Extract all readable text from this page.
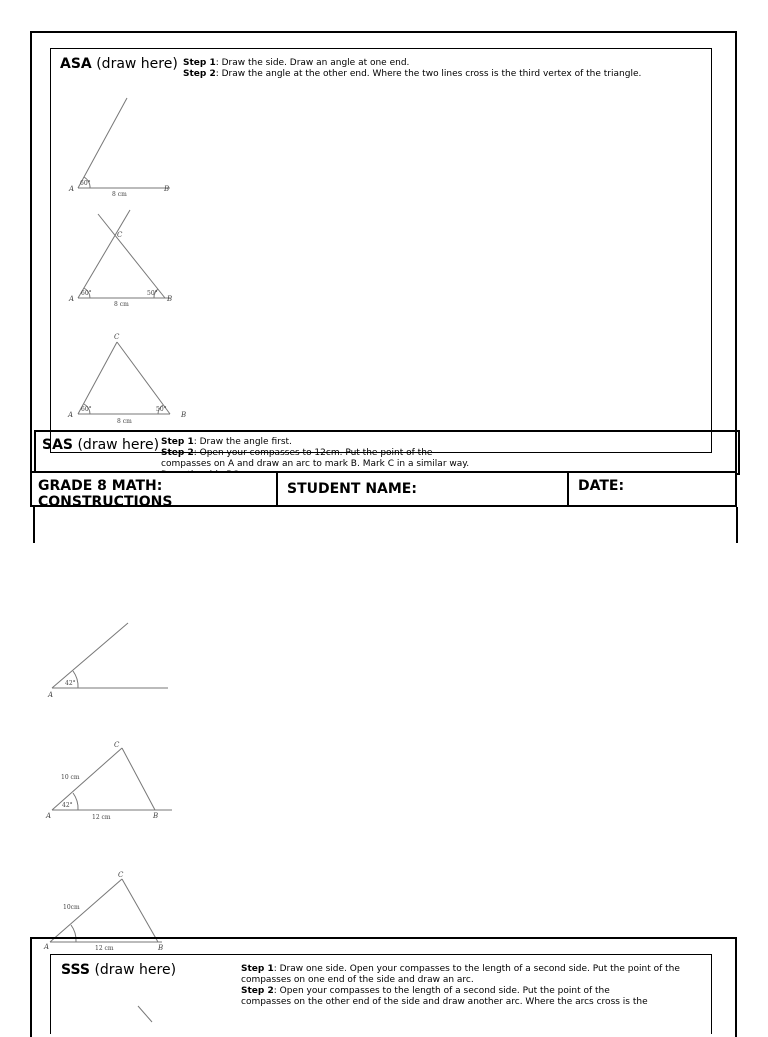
ASA (draw here) Step 1: Draw the side. Draw an angle at one end.
Step 2: Draw the angle at the other end. Where the two lines cross is the third vertex of the triangle.
A	B
60°
8 cm
A	B
C
60°	50°
8 cm
A	B
C
60°	50°
8 cm
SAS (draw here) Step 1: Draw the angle first.
Step 2: Open your compasses to 12cm. Put the point of the compasses on A and draw an arc to mark B. Mark C in a similar way.
GRADE 8 MATH: CONSTRUCTIONS
STUDENT NAME:	DATE:
A
42°
A	B
C
42°
12 cm
10 cm
C
10cm
A	12 cm	B
SSS (draw here)	Step 1: Draw one side. Open your compasses to the length of a second side. Put the point of the
compasses on one end of the side and draw an arc.
Step 2: Open your compasses to the length of a second side. Put the point of the
compasses on the other end of the side and draw another arc. Where the arcs cross is the
